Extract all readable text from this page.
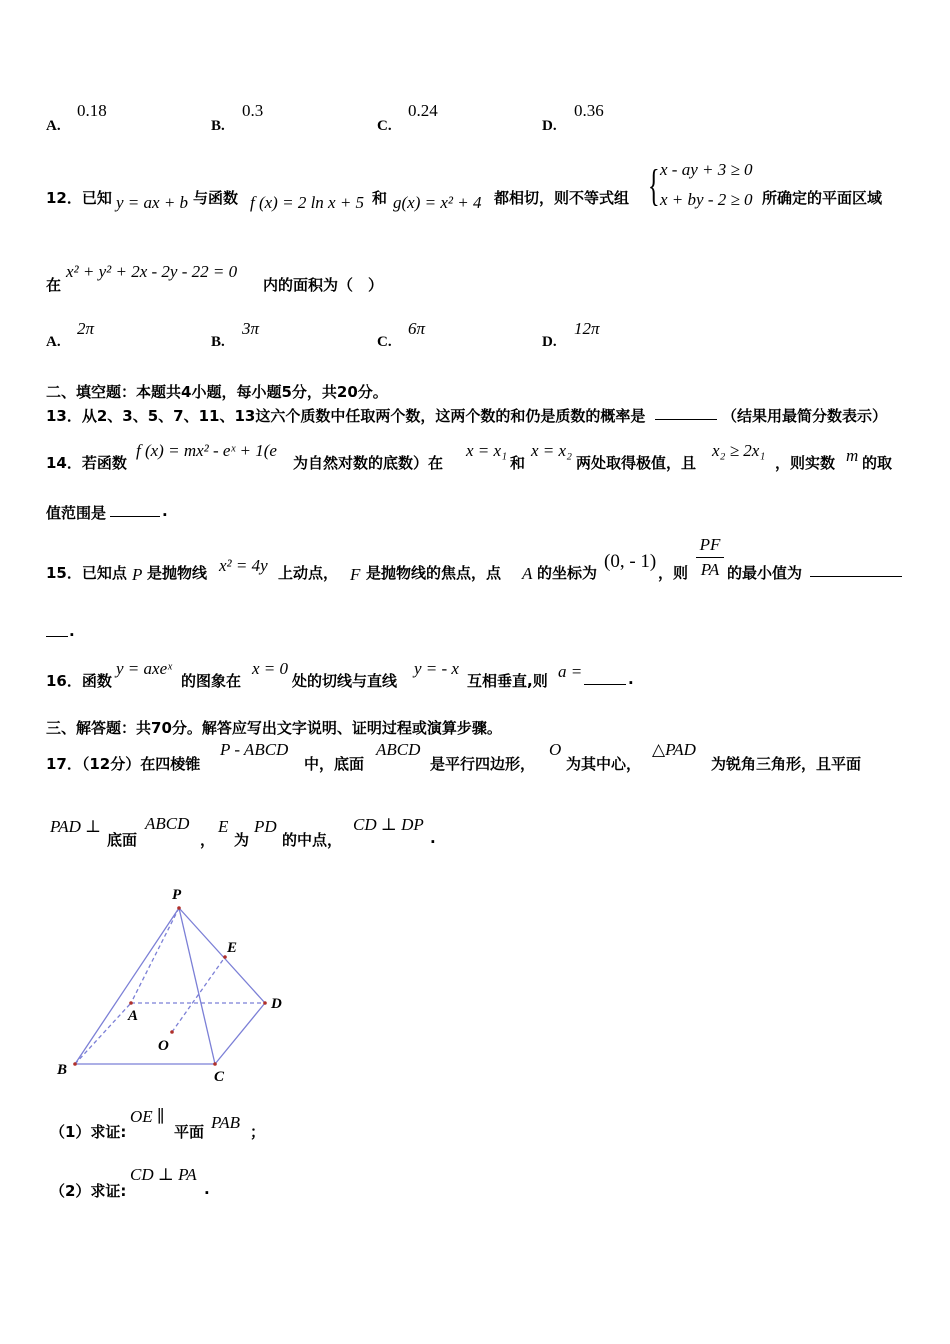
A.
0.18
B.
0.3
C.
0.24
D.
0.36
12．已知 y = ax + b 与函数 f (x) = 2 ln x + 5 和 g(x) = x² + 4 都相切，则不等式组 { x - ay + 3 ≥ 0
x + by - 2 ≥ 0 所确定的平面区域
在
x² + y² + 2x - 2y - 22 = 0
内的面积为（　）
A.
2π
B.
3π
C.
6π
D.
12π
二、填空题：本题共4小题，每小题5分，共20分。
13．从2、3、5、7、11、13这六个质数中任取两个数，这两个数的和仍是质数的概率是	（结果用最简分数表示）
14．若函数
f (x) = mx² - eˣ + 1(e
为自然对数的底数）在
x = x₁
和
x = x₂
两处取得极值，且
x₂ ≥ 2x₁
，则实数 m 的取
值范围是	.
15．已知点 P 是抛物线 x² = 4y 上动点， F 是抛物线的焦点，点 A 的坐标为
(0, - 1)
，则
PF
PA 的最小值为
.
16．函数
y = axeˣ
的图象在
x = 0
处的切线与直线
y = - x
互相垂直,则 a =	.
三、解答题：共70分。解答应写出文字说明、证明过程或演算步骤。
17．（12分）在四棱锥
P - ABCD
中，底面
ABCD
是平行四边形，
O
为其中心，
△PAD
为锐角三角形，且平面
PAD ⊥
底面
ABCD
，
E
为
PD
的中点，
CD ⊥ DP
.
P
E
A
D
O
B	C
（1）求证:
OE ∥
平面 PAB ；
（2）求证:
CD ⊥ PA
.
